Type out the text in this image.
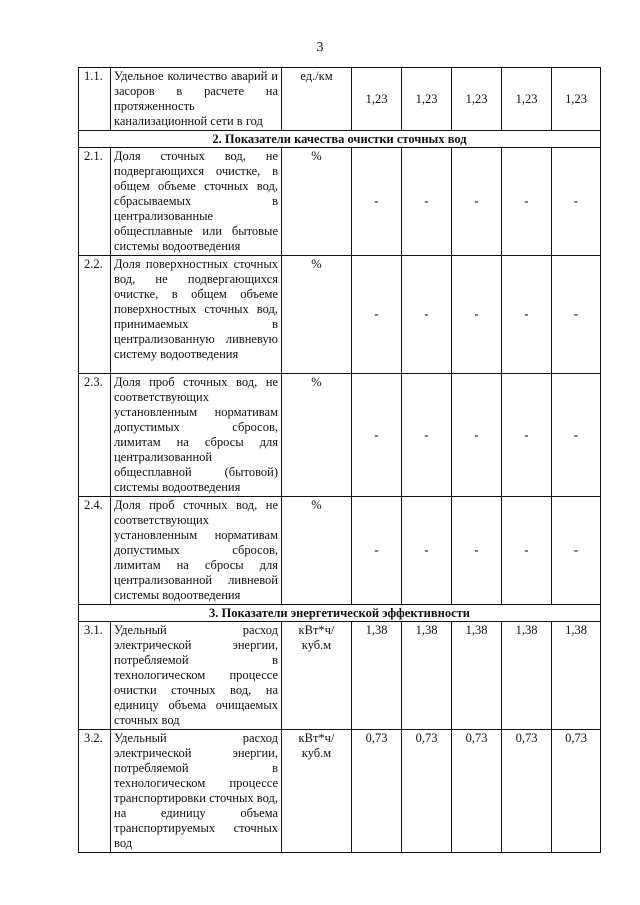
3
1.1.	Удельное количество аварий и засоров в расчете на протяженность канализационной сети в год	ед./км	1,23	1,23	1,23	1,23	1,23
2. Показатели качества очистки сточных вод							
2.1.	Доля сточных вод, не подвергающихся очистке, в общем объеме сточных вод, сбрасываемых в централизованные общесплавные или бытовые системы водоотведения	%	-	-	-	-	-
2.2.	Доля поверхностных сточных вод, не подвергающихся очистке, в общем объеме поверхностных сточных вод, принимаемых в централизованную ливневую систему водоотведения	%	-	-	-	-	-
2.3.	Доля проб сточных вод, не соответствующих установленным нормативам допустимых сбросов, лимитам на сбросы для централизованной общесплавной (бытовой) системы водоотведения	%	-	-	-	-	-
2.4.	Доля проб сточных вод, не соответствующих установленным нормативам допустимых сбросов, лимитам на сбросы для централизованной ливневой системы водоотведения	%	-	-	-	-	-
3. Показатели энергетической эффективности							
3.1.	Удельный расход электрической энергии, потребляемой в технологическом процессе очистки сточных вод, на единицу объема очищаемых сточных вод	кВт*ч/ куб.м	1,38	1,38	1,38	1,38	1,38
3.2.	Удельный расход электрической энергии, потребляемой в технологическом процессе транспортировки сточных вод, на единицу объема транспортируемых сточных вод	кВт*ч/ куб.м	0,73	0,73	0,73	0,73	0,73
